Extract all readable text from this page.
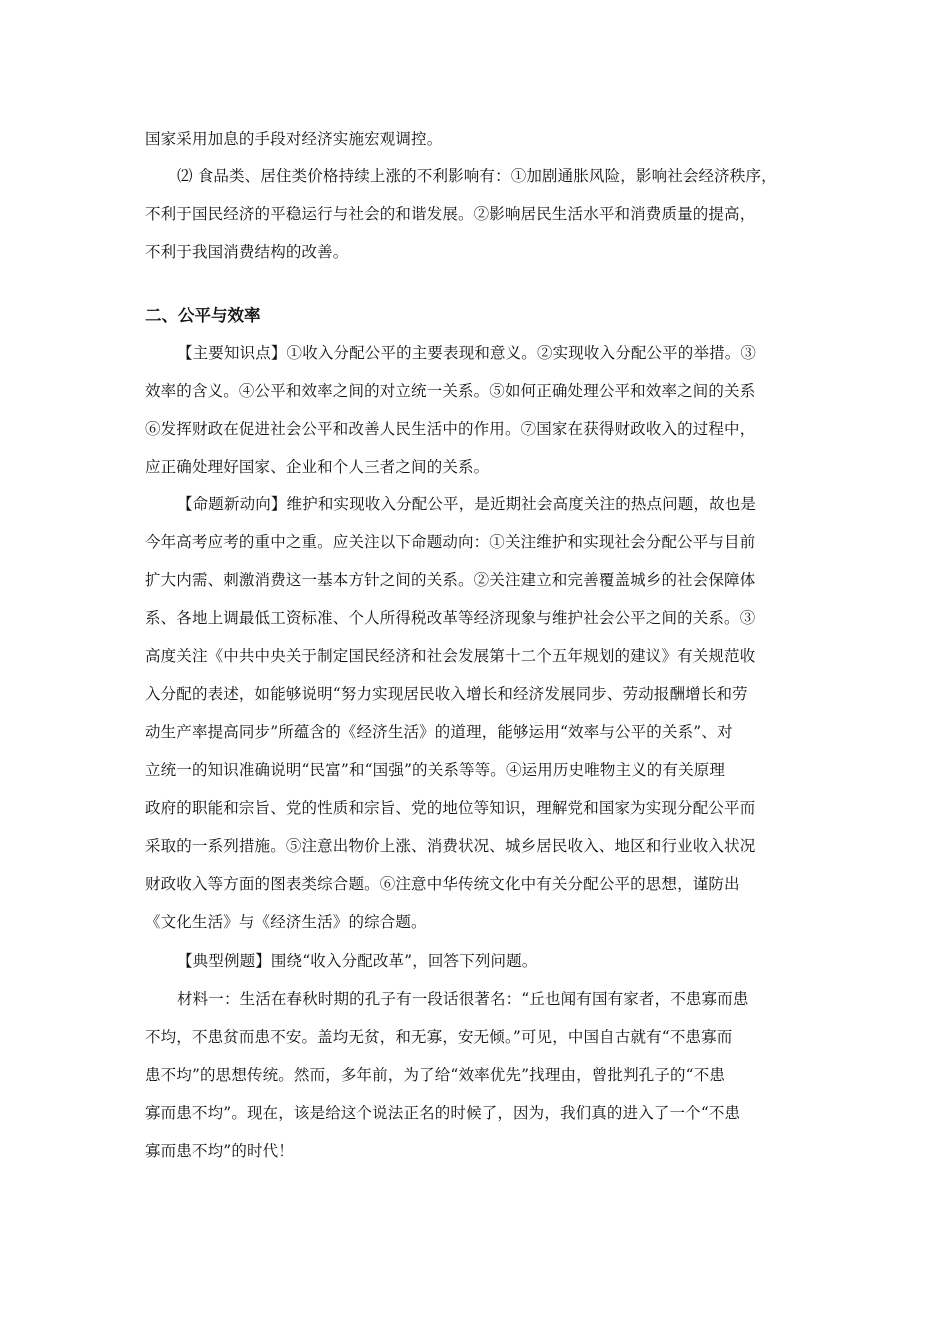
国家采用加息的手段对经济实施宏观调控。
⑵ 食品类、居住类价格持续上涨的不利影响有：①加剧通胀风险，影响社会经济秩序，
不利于国民经济的平稳运行与社会的和谐发展。②影响居民生活水平和消费质量的提高，
不利于我国消费结构的改善。
二、公平与效率
【主要知识点】①收入分配公平的主要表现和意义。②实现收入分配公平的举措。③
效率的含义。④公平和效率之间的对立统一关系。⑤如何正确处理公平和效率之间的关系
⑥发挥财政在促进社会公平和改善人民生活中的作用。⑦国家在获得财政收入的过程中，
应正确处理好国家、企业和个人三者之间的关系。
【命题新动向】维护和实现收入分配公平，是近期社会高度关注的热点问题，故也是
今年高考应考的重中之重。应关注以下命题动向：①关注维护和实现社会分配公平与目前
扩大内需、刺激消费这一基本方针之间的关系。②关注建立和完善覆盖城乡的社会保障体
系、各地上调最低工资标准、个人所得税改革等经济现象与维护社会公平之间的关系。③
高度关注《中共中央关于制定国民经济和社会发展第十二个五年规划的建议》有关规范收
入分配的表述，如能够说明“努力实现居民收入增长和经济发展同步、劳动报酬增长和劳
动生产率提高同步”所蕴含的《经济生活》的道理，能够运用“效率与公平的关系”、对
立统一的知识准确说明“民富”和“国强”的关系等等。④运用历史唯物主义的有关原理
政府的职能和宗旨、党的性质和宗旨、党的地位等知识，理解党和国家为实现分配公平而
采取的一系列措施。⑤注意出物价上涨、消费状况、城乡居民收入、地区和行业收入状况
财政收入等方面的图表类综合题。⑥注意中华传统文化中有关分配公平的思想，谨防出
《文化生活》与《经济生活》的综合题。
【典型例题】围绕“收入分配改革”，回答下列问题。
材料一：生活在春秋时期的孔子有一段话很著名：“丘也闻有国有家者，不患寡而患
不均，不患贫而患不安。盖均无贫，和无寡，安无倾。”可见，中国自古就有“不患寡而
患不均”的思想传统。然而，多年前，为了给“效率优先”找理由，曾批判孔子的“不患
寡而患不均”。现在，该是给这个说法正名的时候了，因为，我们真的进入了一个“不患
寡而患不均”的时代！
